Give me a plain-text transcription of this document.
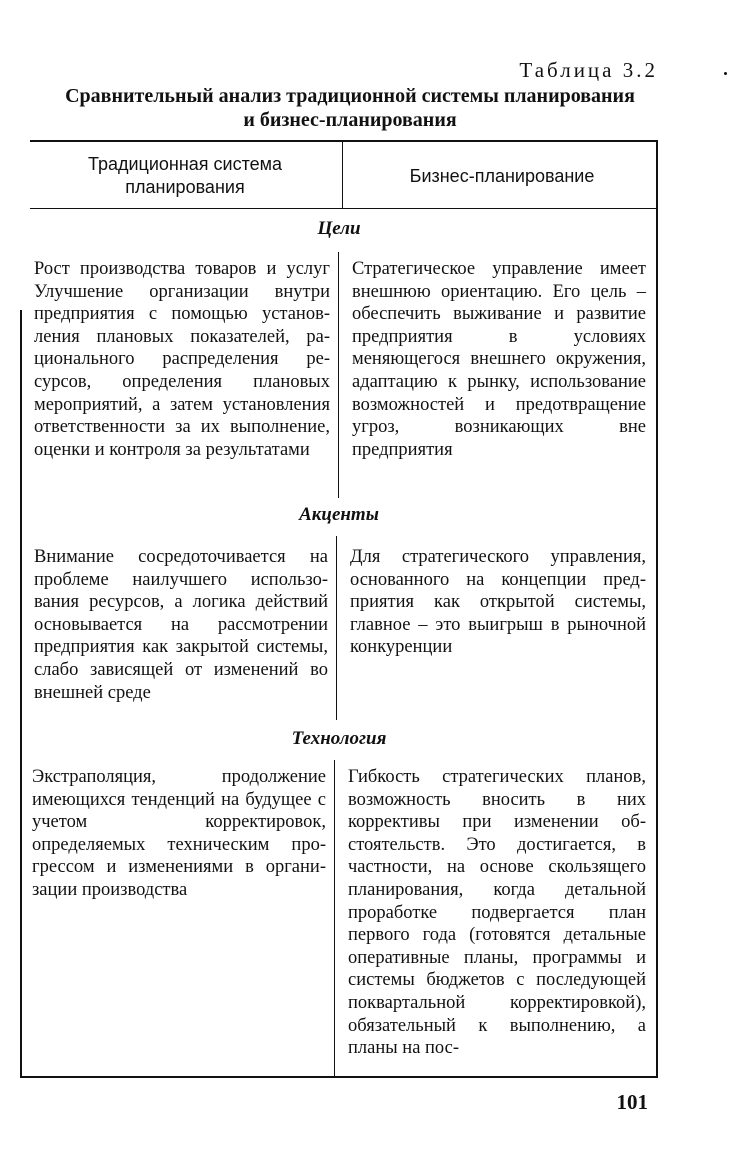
Таблица 3.2
Сравнительный анализ традиционной системы планирования
и бизнес-планирования
Традиционная система планирования
Бизнес-планирование
Цели
Рост производства товаров и услуг Улучшение организации внутри предприятия с помощью установления плановых показателей, рационального распределения ресурсов, определения плановых мероприятий, а затем установления ответственности за их выполнение, оценки и контроля за результатами
Стратегическое управление имеет внешнюю ориентацию. Его цель – обеспечить выживание и развитие предприятия в условиях меняющегося внешнего окружения, адаптацию к рынку, использование возможностей и предотвращение угроз, возникающих вне предприятия
Акценты
Внимание сосредоточивается на проблеме наилучшего использования ресурсов, а логика действий основывается на рассмотрении предприятия как закрытой системы, слабо зависящей от изменений во внешней среде
Для стратегического управления, основанного на концепции предприятия как открытой системы, главное – это выигрыш в рыночной конкуренции
Технология
Экстраполяция, продолжение имеющихся тенденций на будущее с учетом корректировок, определяемых техническим прогрессом и изменениями в организации производства
Гибкость стратегических планов, возможность вносить в них коррективы при изменении обстоятельств. Это достигается, в частности, на основе скользящего планирования, когда детальной проработке подвергается план первого года (готовятся детальные оперативные планы, программы и системы бюджетов с последующей поквартальной корректировкой), обязательный к выполнению, а планы на пос-
101
